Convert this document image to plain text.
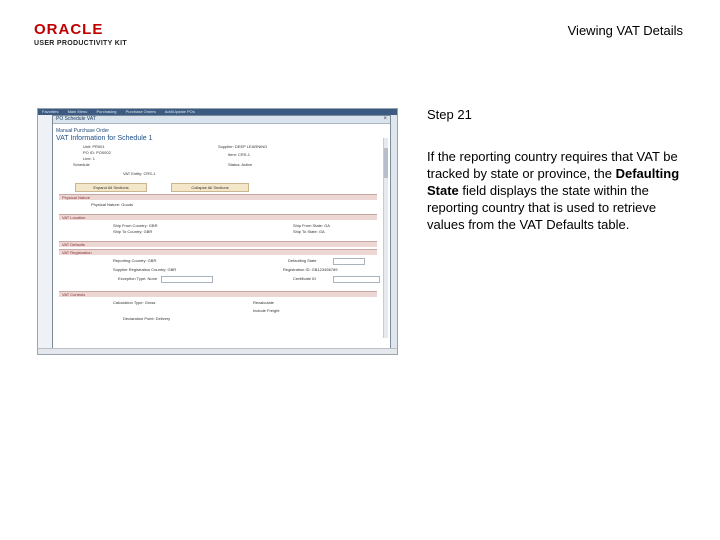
ORACLE
USER PRODUCTIVITY KIT
Viewing VAT Details
Favorites Main Menu Purchasing Purchase Orders Add/Update POs
PO Schedule VAT	×
Manual Purchase Order
VAT Information for Schedule 1
Unit: PR001
PO ID: PO0002
Line: 1
Schedule
Supplier: DEEP LEARNING
Item: CRS-1
Status: Active
VAT Entity: CRS-1
Expand All Sections	Collapse All Sections
Physical Nature
Physical Nature: Goods
VAT Location
Ship From Country: GBR
Ship To Country: GBR
Ship From State: GA
Ship To State: GA
VAT Defaults
VAT Registration
Reporting Country: GBR
Supplier Registration Country: GBR
Exception Type: None
Defaulting State
Registration ID: GB123456789
Certificate ID
VAT Controls
Calculation Type: Gross	Recalculate
Include Freight
Declaration Point: Delivery
Step 21
If the reporting country requires that VAT be tracked by state or province, the Defaulting State field displays the state within the reporting country that is used to retrieve values from the VAT Defaults table.
